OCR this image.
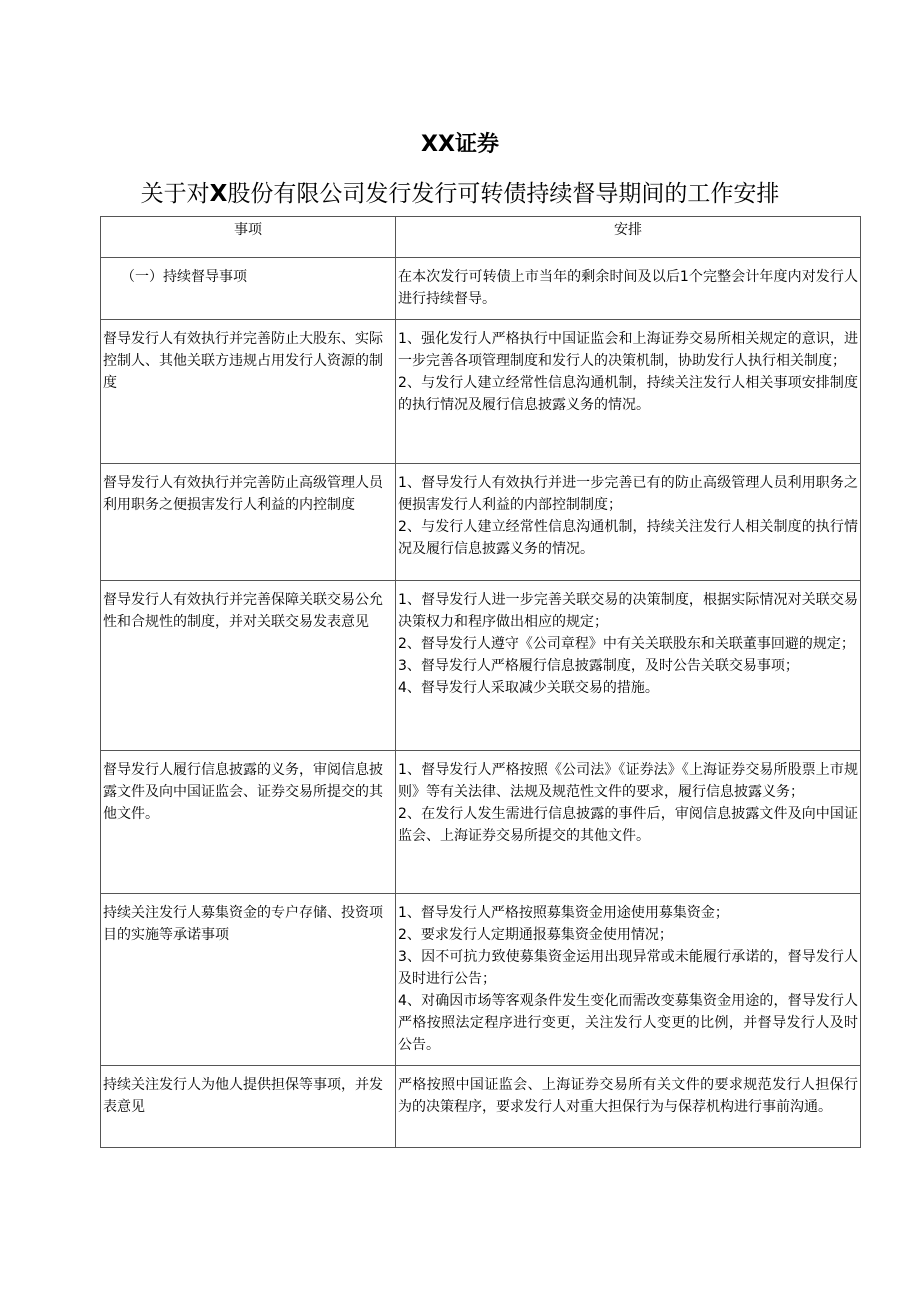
XX证券
关于对X股份有限公司发行发行可转债持续督导期间的工作安排
事项	安排
（一）持续督导事项	在本次发行可转债上市当年的剩余时间及以后1个完整会计年度内对发行人进行持续督导。

督导发行人有效执行并完善防止大股东、实际控制人、其他关联方违规占用发行人资源的制度	1、强化发行人严格执行中国证监会和上海证券交易所相关规定的意识，进一步完善各项管理制度和发行人的决策机制，协助发行人执行相关制度；
2、与发行人建立经常性信息沟通机制，持续关注发行人相关事项安排制度的执行情况及履行信息披露义务的情况。

督导发行人有效执行并完善防止高级管理人员利用职务之便损害发行人利益的内控制度	1、督导发行人有效执行并进一步完善已有的防止高级管理人员利用职务之便损害发行人利益的内部控制制度；
2、与发行人建立经常性信息沟通机制，持续关注发行人相关制度的执行情况及履行信息披露义务的情况。

督导发行人有效执行并完善保障关联交易公允性和合规性的制度，并对关联交易发表意见	1、督导发行人进一步完善关联交易的决策制度，根据实际情况对关联交易决策权力和程序做出相应的规定；
2、督导发行人遵守《公司章程》中有关关联股东和关联董事回避的规定；
3、督导发行人严格履行信息披露制度，及时公告关联交易事项；
4、督导发行人采取减少关联交易的措施。

督导发行人履行信息披露的义务，审阅信息披露文件及向中国证监会、证券交易所提交的其他文件。	1、督导发行人严格按照《公司法》《证券法》《上海证券交易所股票上市规则》等有关法律、法规及规范性文件的要求，履行信息披露义务；
2、在发行人发生需进行信息披露的事件后，审阅信息披露文件及向中国证监会、上海证券交易所提交的其他文件。

持续关注发行人募集资金的专户存储、投资项目的实施等承诺事项	1、督导发行人严格按照募集资金用途使用募集资金；
2、要求发行人定期通报募集资金使用情况；
3、因不可抗力致使募集资金运用出现异常或未能履行承诺的，督导发行人及时进行公告；
4、对确因市场等客观条件发生变化而需改变募集资金用途的，督导发行人严格按照法定程序进行变更，关注发行人变更的比例，并督导发行人及时公告。

持续关注发行人为他人提供担保等事项，并发表意见	严格按照中国证监会、上海证券交易所有关文件的要求规范发行人担保行为的决策程序，要求发行人对重大担保行为与保荐机构进行事前沟通。
